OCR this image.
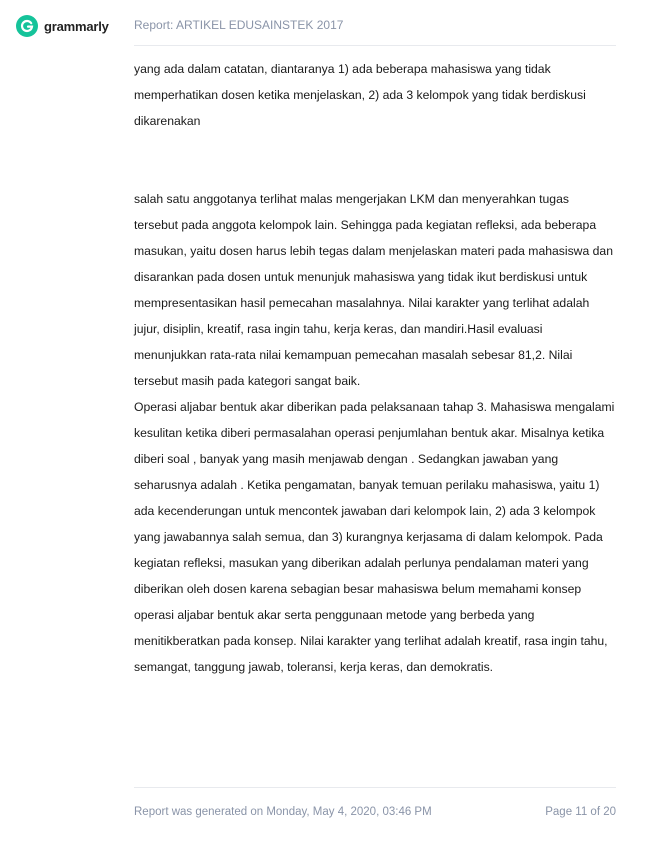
grammarly Report: ARTIKEL EDUSAINSTEK 2017

yang ada dalam catatan, diantaranya 1) ada beberapa mahasiswa yang tidak memperhatikan dosen ketika menjelaskan, 2) ada 3 kelompok yang tidak berdiskusi dikarenakan

salah satu anggotanya terlihat malas mengerjakan LKM dan menyerahkan tugas tersebut pada anggota kelompok lain. Sehingga pada kegiatan refleksi, ada beberapa masukan, yaitu dosen harus lebih tegas dalam menjelaskan materi pada mahasiswa dan disarankan pada dosen untuk menunjuk mahasiswa yang tidak ikut berdiskusi untuk mempresentasikan hasil pemecahan masalahnya. Nilai karakter yang terlihat adalah jujur, disiplin, kreatif, rasa ingin tahu, kerja keras, dan mandiri.Hasil evaluasi menunjukkan rata-rata nilai kemampuan pemecahan masalah sebesar 81,2. Nilai tersebut masih pada kategori sangat baik.

Operasi aljabar bentuk akar diberikan pada pelaksanaan tahap 3. Mahasiswa mengalami kesulitan ketika diberi permasalahan operasi penjumlahan bentuk akar. Misalnya ketika diberi soal , banyak yang masih menjawab dengan . Sedangkan jawaban yang seharusnya adalah . Ketika pengamatan, banyak temuan perilaku mahasiswa, yaitu 1) ada kecenderungan untuk mencontek jawaban dari kelompok lain, 2) ada 3 kelompok yang jawabannya salah semua, dan 3) kurangnya kerjasama di dalam kelompok. Pada kegiatan refleksi, masukan yang diberikan adalah perlunya pendalaman materi yang diberikan oleh dosen karena sebagian besar mahasiswa belum memahami konsep operasi aljabar bentuk akar serta penggunaan metode yang berbeda yang menitikberatkan pada konsep. Nilai karakter yang terlihat adalah kreatif, rasa ingin tahu, semangat, tanggung jawab, toleransi, kerja keras, dan demokratis.

Report was generated on Monday, May 4, 2020, 03:46 PM	Page 11 of 20
